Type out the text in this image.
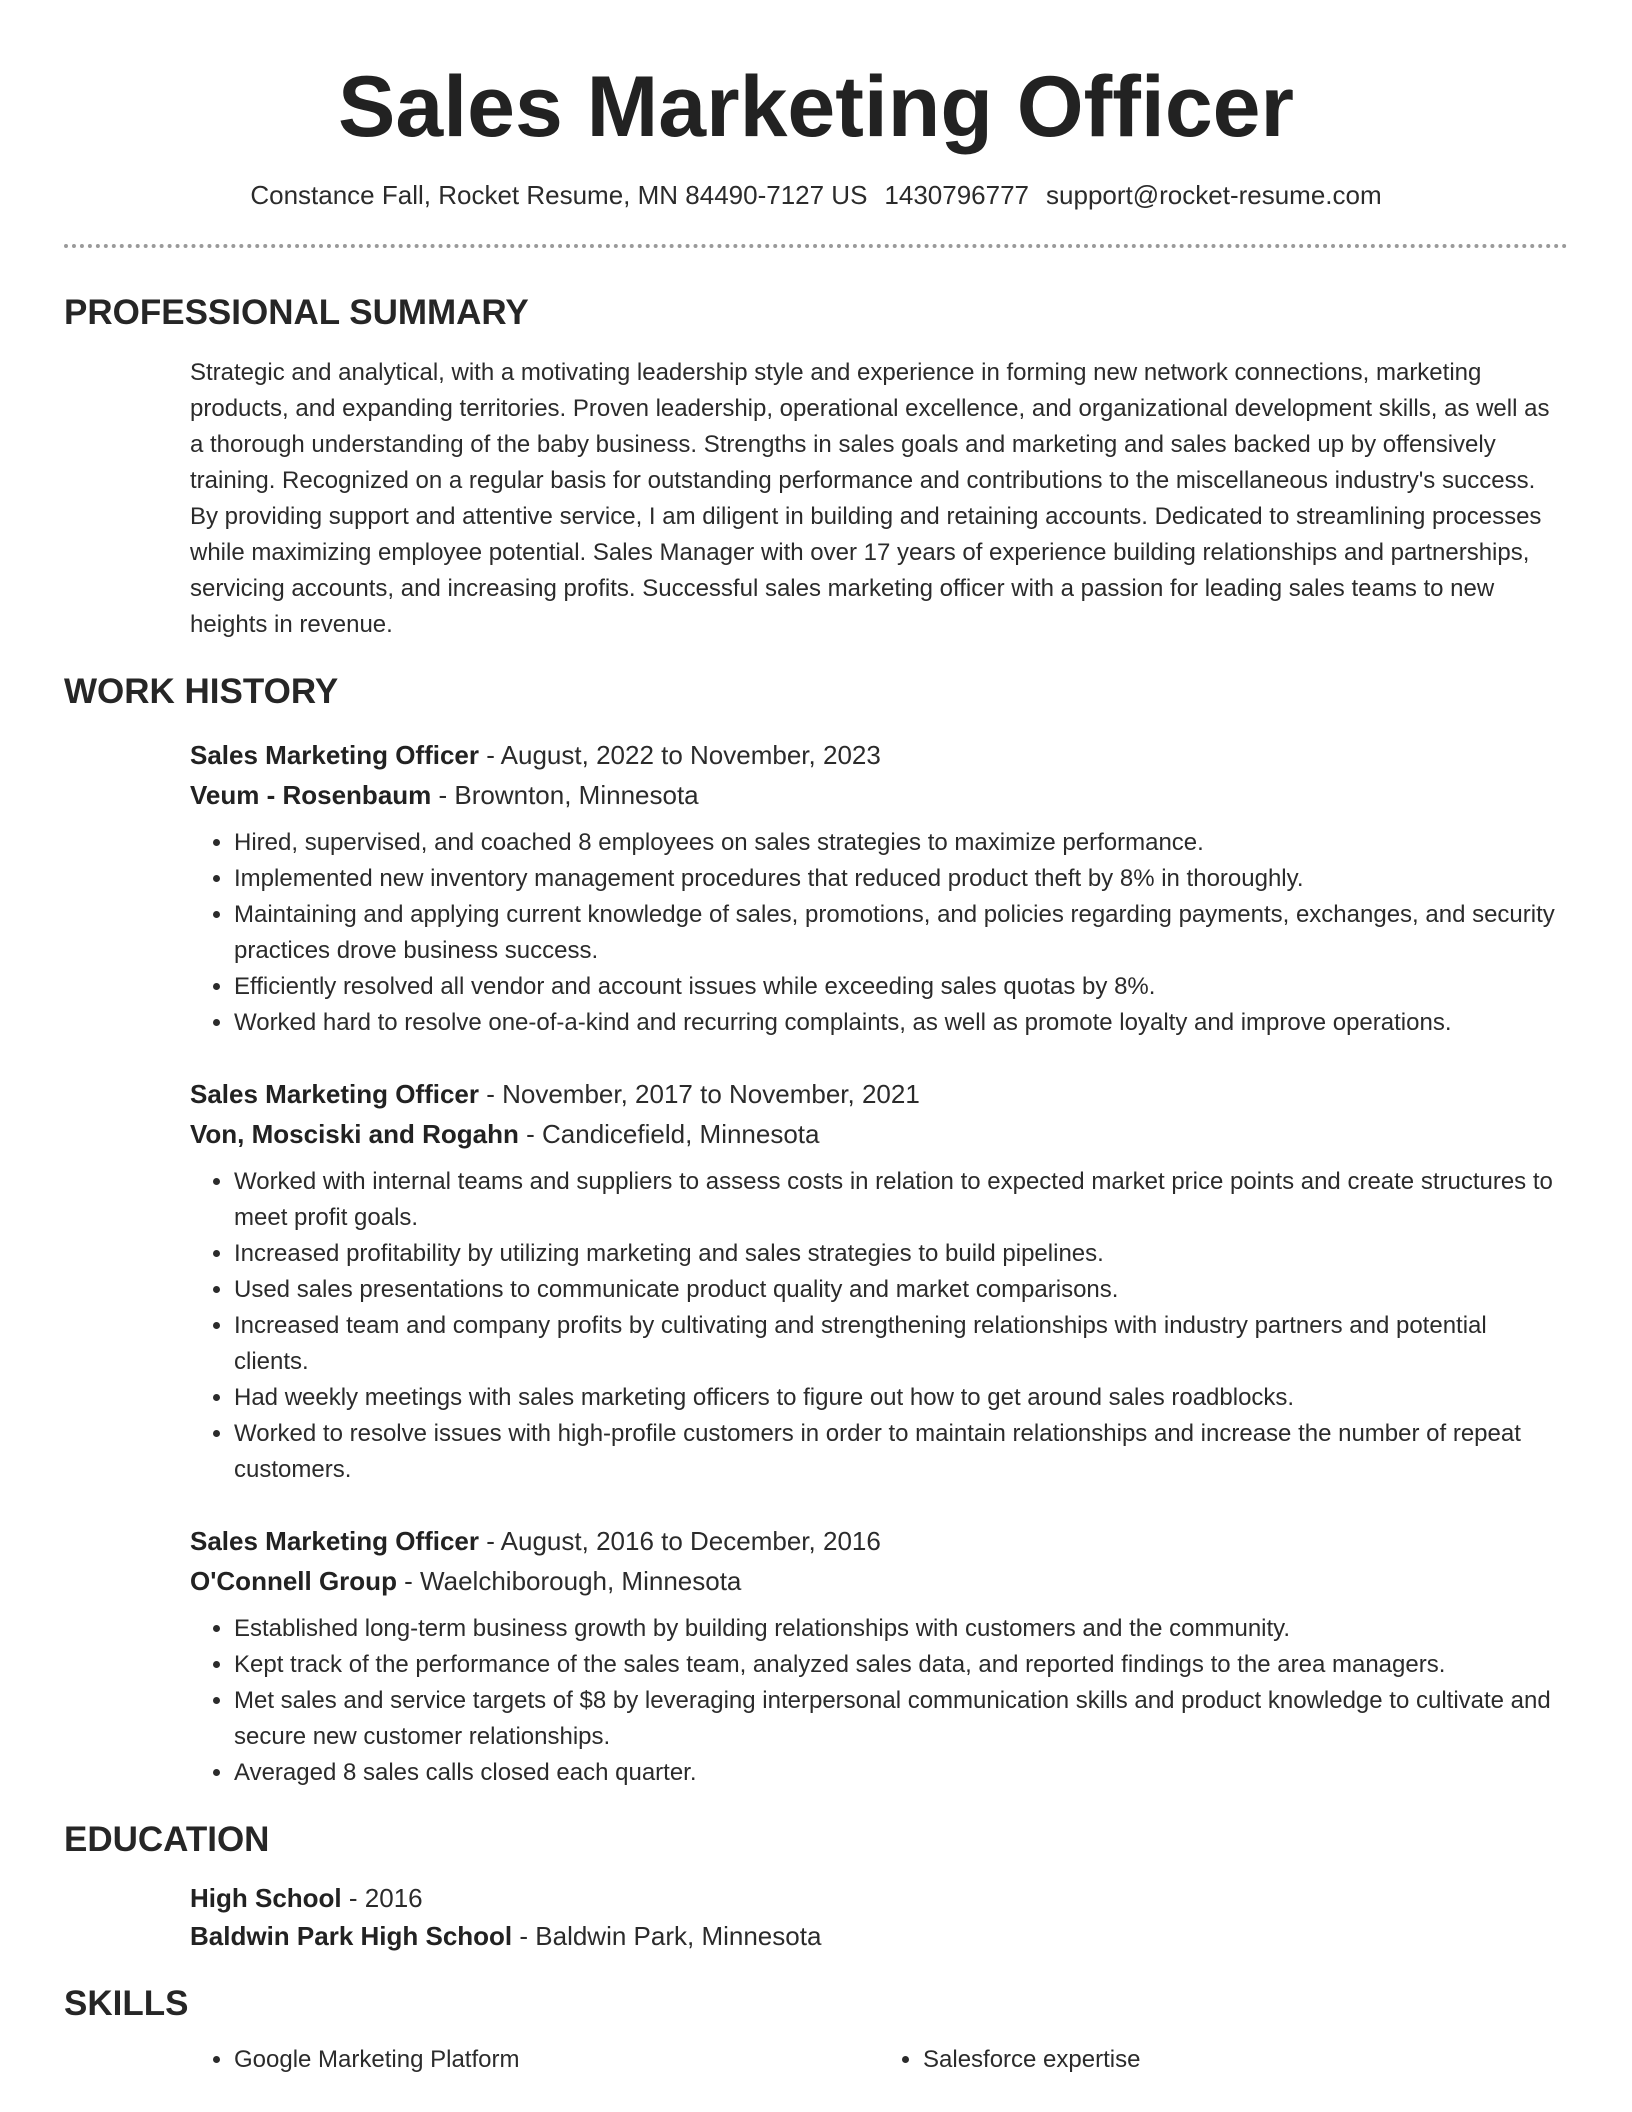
Sales Marketing Officer
Constance Fall, Rocket Resume, MN 84490-7127 US 1430796777 support@rocket-resume.com
PROFESSIONAL SUMMARY

Strategic and analytical, with a motivating leadership style and experience in forming new network connections, marketing products, and expanding territories. Proven leadership, operational excellence, and organizational development skills, as well as a thorough understanding of the baby business. Strengths in sales goals and marketing and sales backed up by offensively training. Recognized on a regular basis for outstanding performance and contributions to the miscellaneous industry's success. By providing support and attentive service, I am diligent in building and retaining accounts. Dedicated to streamlining processes while maximizing employee potential. Sales Manager with over 17 years of experience building relationships and partnerships, servicing accounts, and increasing profits. Successful sales marketing officer with a passion for leading sales teams to new heights in revenue.

WORK HISTORY
Sales Marketing Officer - August, 2022 to November, 2023
Veum - Rosenbaum - Brownton, Minnesota
• Hired, supervised, and coached 8 employees on sales strategies to maximize performance.
• Implemented new inventory management procedures that reduced product theft by 8% in thoroughly.
• Maintaining and applying current knowledge of sales, promotions, and policies regarding payments, exchanges, and security practices drove business success.
• Efficiently resolved all vendor and account issues while exceeding sales quotas by 8%.
• Worked hard to resolve one-of-a-kind and recurring complaints, as well as promote loyalty and improve operations.
Sales Marketing Officer - November, 2017 to November, 2021
Von, Mosciski and Rogahn - Candicefield, Minnesota
• Worked with internal teams and suppliers to assess costs in relation to expected market price points and create structures to meet profit goals.
• Increased profitability by utilizing marketing and sales strategies to build pipelines.
• Used sales presentations to communicate product quality and market comparisons.
• Increased team and company profits by cultivating and strengthening relationships with industry partners and potential clients.
• Had weekly meetings with sales marketing officers to figure out how to get around sales roadblocks.
• Worked to resolve issues with high-profile customers in order to maintain relationships and increase the number of repeat customers.
Sales Marketing Officer - August, 2016 to December, 2016
O'Connell Group - Waelchiborough, Minnesota
• Established long-term business growth by building relationships with customers and the community.
• Kept track of the performance of the sales team, analyzed sales data, and reported findings to the area managers.
• Met sales and service targets of $8 by leveraging interpersonal communication skills and product knowledge to cultivate and secure new customer relationships.
• Averaged 8 sales calls closed each quarter.
EDUCATION
High School - 2016
Baldwin Park High School - Baldwin Park, Minnesota
SKILLS
• Google Marketing Platform
•	Salesforce expertise
